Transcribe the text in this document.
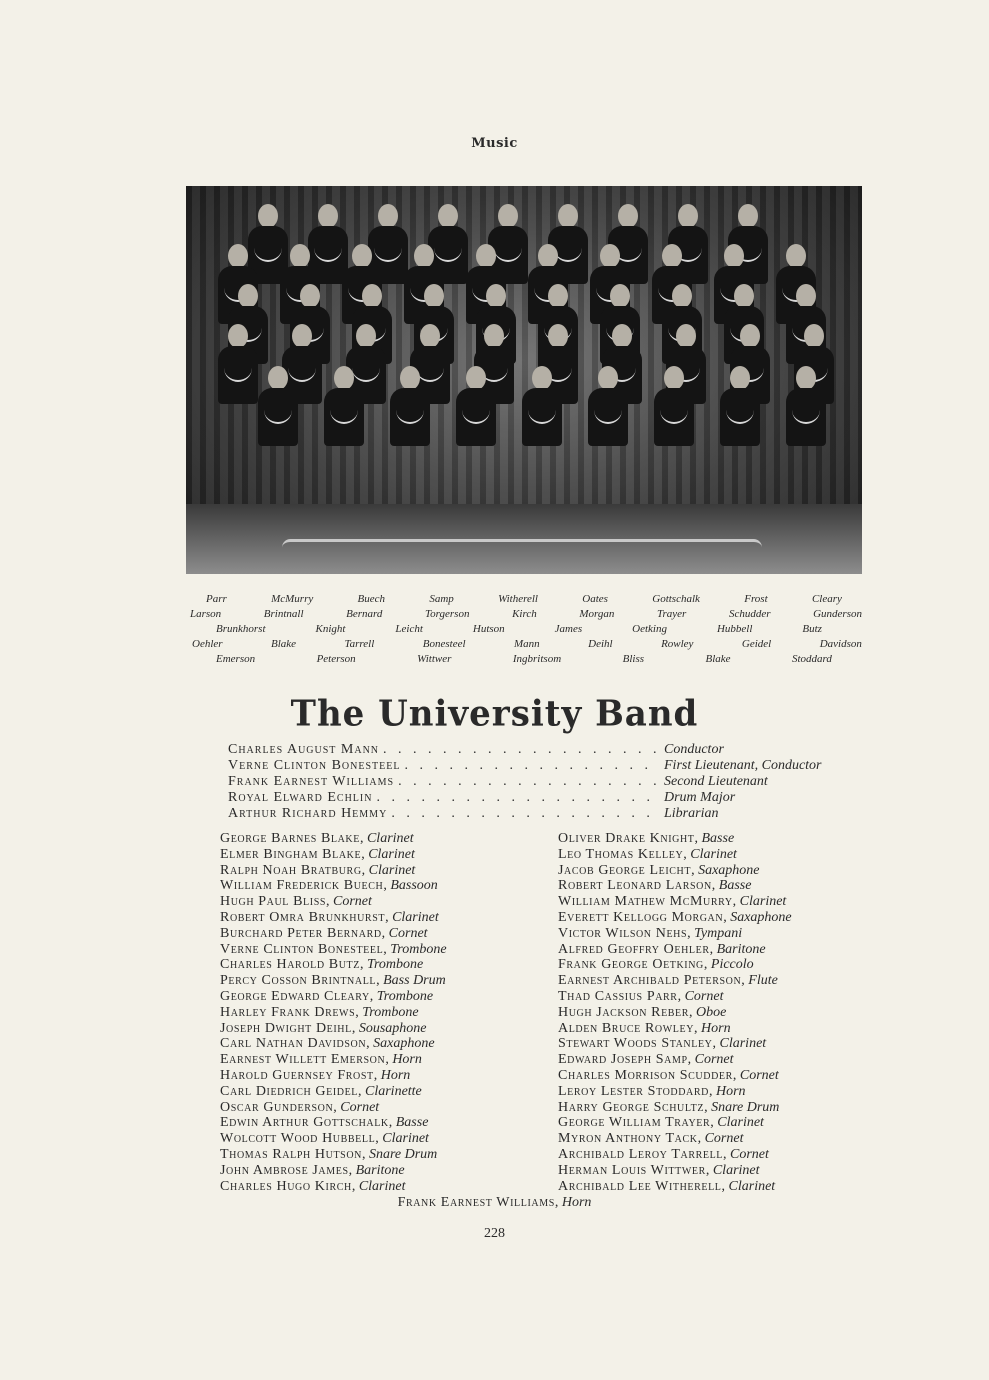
Music
Parr	McMurry	Buech	Samp	Witherell	Oates	Gottschalk	Frost	Cleary
Larson	Brintnall	Bernard	Torgerson	Kirch	Morgan	Trayer	Schudder	Gunderson
Brunkhorst	Knight	Leicht	Hutson	James	Oetking	Hubbell	Butz
Oehler	Blake	Tarrell	Bonesteel	Mann	Deihl	Rowley	Geidel	Davidson
Emerson	Peterson	Wittwer	Ingbritsom	Bliss	Blake	Stoddard
The University Band
Charles August Mann . . .	Conductor
Verne Clinton Bonesteel . . .	First Lieutenant, Conductor
Frank Earnest Williams . . .	Second Lieutenant
Royal Elward Echlin . . .	Drum Major
Arthur Richard Hemmy . . .	Librarian
George Barnes Blake, Clarinet
Elmer Bingham Blake, Clarinet
Ralph Noah Bratburg, Clarinet
William Frederick Buech, Bassoon
Hugh Paul Bliss, Cornet
Robert Omra Brunkhurst, Clarinet
Burchard Peter Bernard, Cornet
Verne Clinton Bonesteel, Trombone
Charles Harold Butz, Trombone
Percy Cosson Brintnall, Bass Drum
George Edward Cleary, Trombone
Harley Frank Drews, Trombone
Joseph Dwight Deihl, Sousaphone
Carl Nathan Davidson, Saxaphone
Earnest Willett Emerson, Horn
Harold Guernsey Frost, Horn
Carl Diedrich Geidel, Clarinette
Oscar Gunderson, Cornet
Edwin Arthur Gottschalk, Basse
Wolcott Wood Hubbell, Clarinet
Thomas Ralph Hutson, Snare Drum
John Ambrose James, Baritone
Charles Hugo Kirch, Clarinet
Oliver Drake Knight, Basse
Leo Thomas Kelley, Clarinet
Jacob George Leicht, Saxaphone
Robert Leonard Larson, Basse
William Mathew McMurry, Clarinet
Everett Kellogg Morgan, Saxaphone
Victor Wilson Nehs, Tympani
Alfred Geoffry Oehler, Baritone
Frank George Oetking, Piccolo
Earnest Archibald Peterson, Flute
Thad Cassius Parr, Cornet
Hugh Jackson Reber, Oboe
Alden Bruce Rowley, Horn
Stewart Woods Stanley, Clarinet
Edward Joseph Samp, Cornet
Charles Morrison Scudder, Cornet
Leroy Lester Stoddard, Horn
Harry George Schultz, Snare Drum
George William Trayer, Clarinet
Myron Anthony Tack, Cornet
Archibald Leroy Tarrell, Cornet
Herman Louis Wittwer, Clarinet
Archibald Lee Witherell, Clarinet
Frank Earnest Williams, Horn
228
